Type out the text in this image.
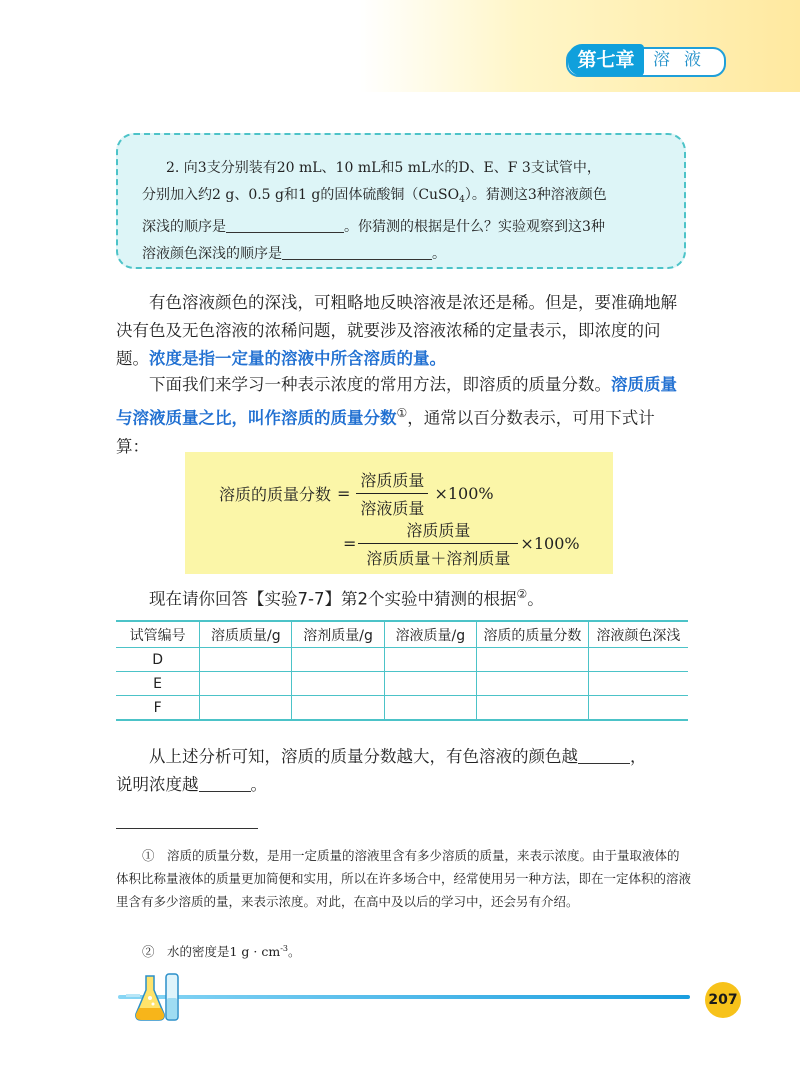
第七章	溶液
2. 向3支分别装有20 mL、10 mL和5 mL水的D、E、F 3支试管中，
分别加入约2 g、0.5 g和1 g的固体硫酸铜（CuSO$_4$）。猜测这3种溶液颜色
深浅的顺序是	。你猜测的根据是什么？实验观察到这3种
溶液颜色深浅的顺序是	。
有色溶液颜色的深浅，可粗略地反映溶液是浓还是稀。但是，要准确地解决有色及无色溶液的浓稀问题，就要涉及溶液浓稀的定量表示，即浓度的问题。浓度是指一定量的溶液中所含溶质的量。
下面我们来学习一种表示浓度的常用方法，即溶质的质量分数。溶质质量与溶液质量之比，叫作溶质的质量分数①，通常以百分数表示，可用下式计算：
溶质的质量分数 = $\frac{\text{溶质质量}}{\text{溶液质量}} \times 100\%$
= $\frac{\text{溶质质量}}{\text{溶质质量＋溶剂质量}} \times 100\%$
现在请你回答【实验7-7】第2个实验中猜测的根据②。
试管编号	溶质质量/g	溶剂质量/g	溶液质量/g	溶质的质量分数	溶液颜色深浅
D					
E					
F					
从上述分析可知，溶质的质量分数越大，有色溶液的颜色越	，
说明浓度越	。
①　溶质的质量分数，是用一定质量的溶液里含有多少溶质的质量，来表示浓度。由于量取液体的体积比称量液体的质量更加简便和实用，所以在许多场合中，经常使用另一种方法，即在一定体积的溶液里含有多少溶质的量，来表示浓度。对此，在高中及以后的学习中，还会另有介绍。
②　水的密度是1 $g \cdot cm^{-3}$。
207
